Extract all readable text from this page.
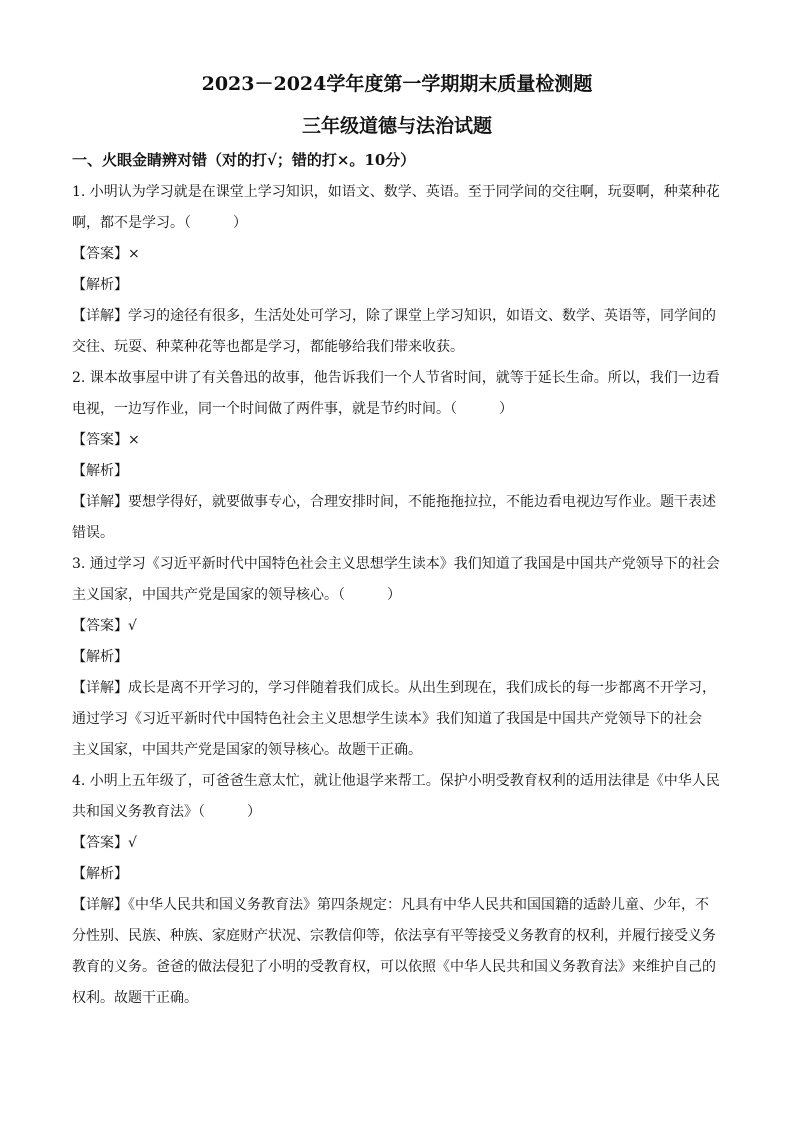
2023－2024学年度第一学期期末质量检测题
三年级道德与法治试题
一、火眼金睛辨对错（对的打√；错的打×。10分）
1. 小明认为学习就是在课堂上学习知识，如语文、数学、英语。至于同学间的交往啊，玩耍啊，种菜种花
啊，都不是学习。（　　　）
【答案】×
【解析】
【详解】学习的途径有很多，生活处处可学习，除了课堂上学习知识，如语文、数学、英语等，同学间的
交往、玩耍、种菜种花等也都是学习，都能够给我们带来收获。
2. 课本故事屋中讲了有关鲁迅的故事，他告诉我们一个人节省时间，就等于延长生命。所以，我们一边看
电视，一边写作业，同一个时间做了两件事，就是节约时间。（　　　）
【答案】×
【解析】
【详解】要想学得好，就要做事专心，合理安排时间，不能拖拖拉拉，不能边看电视边写作业。题干表述
错误。
3. 通过学习《习近平新时代中国特色社会主义思想学生读本》我们知道了我国是中国共产党领导下的社会
主义国家，中国共产党是国家的领导核心。（　　　）
【答案】√
【解析】
【详解】成长是离不开学习的，学习伴随着我们成长。从出生到现在，我们成长的每一步都离不开学习，
通过学习《习近平新时代中国特色社会主义思想学生读本》我们知道了我国是中国共产党领导下的社会
主义国家，中国共产党是国家的领导核心。故题干正确。
4. 小明上五年级了，可爸爸生意太忙，就让他退学来帮工。保护小明受教育权利的适用法律是《中华人民
共和国义务教育法》（　　　）
【答案】√
【解析】
【详解】《中华人民共和国义务教育法》第四条规定：凡具有中华人民共和国国籍的适龄儿童、少年，不
分性别、民族、种族、家庭财产状况、宗教信仰等，依法享有平等接受义务教育的权利，并履行接受义务
教育的义务。爸爸的做法侵犯了小明的受教育权，可以依照《中华人民共和国义务教育法》来维护自己的
权利。故题干正确。
